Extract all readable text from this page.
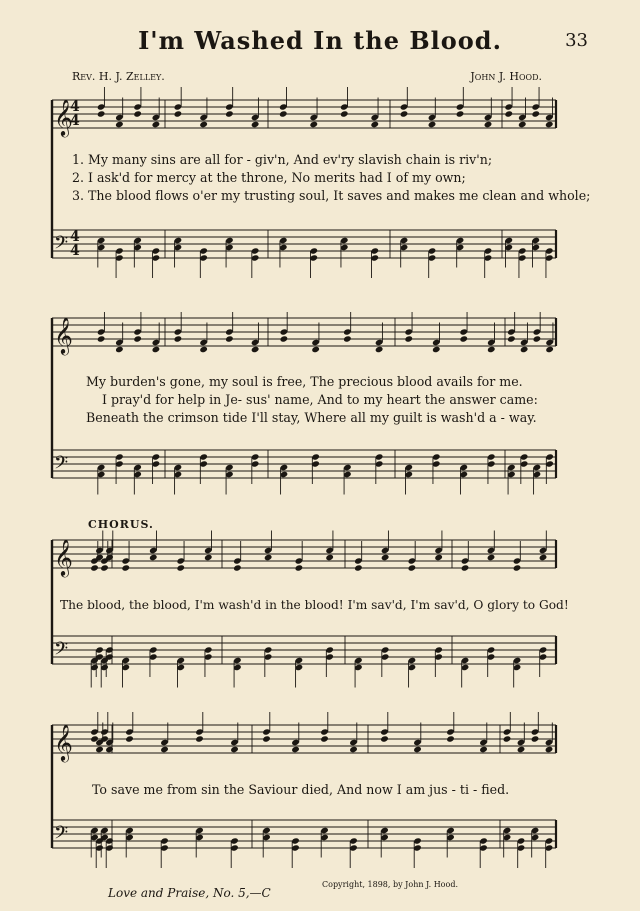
I'm Washed In the Blood.	33
Rev. H. J. Zelley.	John J. Hood.
𝄞
𝄢
𝄞
𝄢
𝄞
𝄢
𝄞
𝄢
4
4
4
4
1. My many sins are all for - giv'n, And ev'ry slavish chain is riv'n;
2. I ask'd for mercy at the throne, No merits had I of my own;
3. The blood flows o'er my trusting soul, It saves and makes me clean and whole;
My burden's gone, my soul is free, The precious blood avails for me.
I pray'd for help in Je- sus' name, And to my heart the answer came:
Beneath the crimson tide I'll stay, Where all my guilt is wash'd a - way.
CHORUS.
The blood, the blood, I'm wash'd in the blood! I'm sav'd, I'm sav'd, O glory to God!
To save me from sin the Saviour died, And now I am jus - ti - fied.
Love and Praise, No. 5,—C
Copyright, 1898, by John J. Hood.
